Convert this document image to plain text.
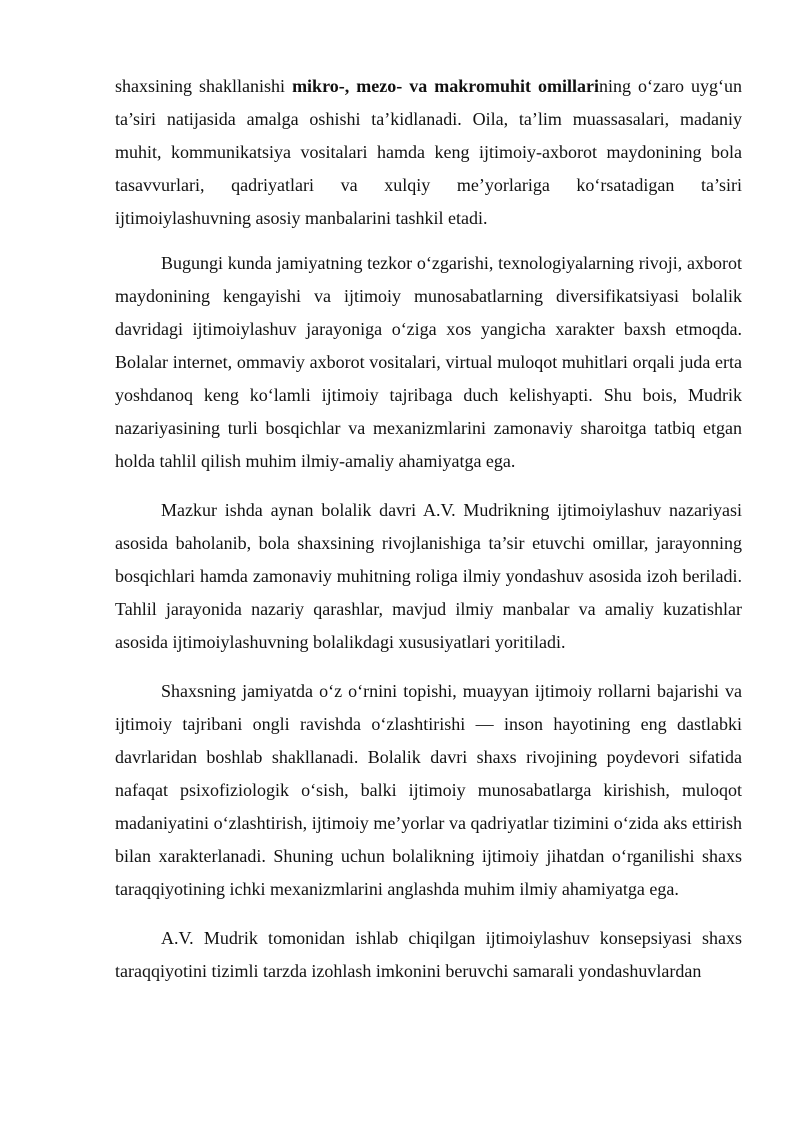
shaxsining shakllanishi mikro-, mezo- va makromuhit omillarining o‘zaro uyg‘un ta’siri natijasida amalga oshishi ta’kidlanadi. Oila, ta’lim muassasalari, madaniy muhit, kommunikatsiya vositalari hamda keng ijtimoiy-axborot maydonining bola tasavvurlari, qadriyatlari va xulqiy me’yorlariga ko‘rsatadigan ta’siri ijtimoiylashuvning asosiy manbalarini tashkil etadi.

Bugungi kunda jamiyatning tezkor o‘zgarishi, texnologiyalarning rivoji, axborot maydonining kengayishi va ijtimoiy munosabatlarning diversifikatsiyasi bolalik davridagi ijtimoiylashuv jarayoniga o‘ziga xos yangicha xarakter baxsh etmoqda. Bolalar internet, ommaviy axborot vositalari, virtual muloqot muhitlari orqali juda erta yoshdanoq keng ko‘lamli ijtimoiy tajribaga duch kelishyapti. Shu bois, Mudrik nazariyasining turli bosqichlar va mexanizmlarini zamonaviy sharoitga tatbiq etgan holda tahlil qilish muhim ilmiy-amaliy ahamiyatga ega.

Mazkur ishda aynan bolalik davri A.V. Mudrikning ijtimoiylashuv nazariyasi asosida baholanib, bola shaxsining rivojlanishiga ta’sir etuvchi omillar, jarayonning bosqichlari hamda zamonaviy muhitning roliga ilmiy yondashuv asosida izoh beriladi. Tahlil jarayonida nazariy qarashlar, mavjud ilmiy manbalar va amaliy kuzatishlar asosida ijtimoiylashuvning bolalikdagi xususiyatlari yoritiladi.

Shaxsning jamiyatda o‘z o‘rnini topishi, muayyan ijtimoiy rollarni bajarishi va ijtimoiy tajribani ongli ravishda o‘zlashtirishi — inson hayotining eng dastlabki davrlaridan boshlab shakllanadi. Bolalik davri shaxs rivojining poydevori sifatida nafaqat psixofiziologik o‘sish, balki ijtimoiy munosabatlarga kirishish, muloqot madaniyatini o‘zlashtirish, ijtimoiy me’yorlar va qadriyatlar tizimini o‘zida aks ettirish bilan xarakterlanadi. Shuning uchun bolalikning ijtimoiy jihatdan o‘rganilishi shaxs taraqqiyotining ichki mexanizmlarini anglashda muhim ilmiy ahamiyatga ega.

A.V. Mudrik tomonidan ishlab chiqilgan ijtimoiylashuv konsepsiyasi shaxs taraqqiyotini tizimli tarzda izohlash imkonini beruvchi samarali yondashuvlardan
